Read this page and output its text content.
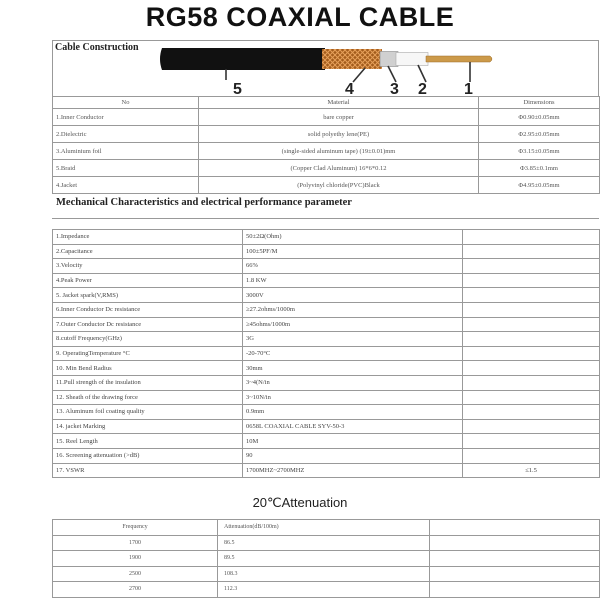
RG58 COAXIAL CABLE
Cable Construction
5	4 3 2 1
No	Material	Dimensions
1.Inner Conductor	bare copper	Φ0.90±0.05mm
2.Dielectric	solid polyethy lene(PE)	Φ2.95±0.05mm
3.Aluminium foil	(single-sided aluminum tape) (19±0.01)mm	Φ3.15±0.05mm
5.Braid	(Copper Clad Aluminum) 16*6*0.12	Φ3.85±0.1mm
4.Jacket	(Polyvinyl chloride(PVC)Black	Φ4.95±0.05mm
Mechanical Characteristics and electrical performance parameter
1.Impedance	50±2Ω(Ohm)	
2.Capacitance	100±5PF/M	
3.Velocity	66%	
4.Peak Power	1.8 KW	
5. Jacket spark(V,RMS)	3000V	
6.Inner Conductor Dc resistance	≥27.2ohms/1000m	
7.Outer Conductor Dc resistance	≥45ohms/1000m	
8.cutoff Frequency(GHz)	3G	
9. OperatingTemperature °C	-20-70°C	
10. Min Bend Radius	30mm	
11.Pull strength of the insulation	3~4(N/in	
12. Sheath of the drawing force	3~10N/in	
13. Aluminum foil coating quality	0.9mm	
14. jacket Marking	0658L COAXIAL CABLE SYV-50-3	
15. Reel Length	10M	
16. Screening attenuation (>dB)	90	
17. VSWR	1700MHZ~2700MHZ	≤1.5
20℃Attenuation
Frequency	Attenuation(dB/100m)	
1700	86.5	
1900	89.5	
2500	108.3	
2700	112.3	
